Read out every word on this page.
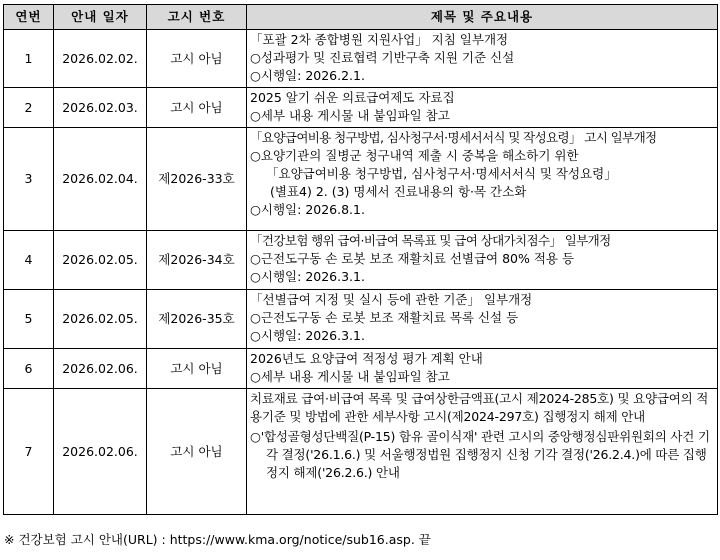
연번	안내 일자	고시 번호	제목 및 주요내용
1	2026.02.02.	고시 아님	「포괄 2차 종합병원 지원사업」 지침 일부개정
○성과평가 및 진료협력 기반구축 지원 기준 신설
○시행일: 2026.2.1.

2	2026.02.03.	고시 아님	2025 알기 쉬운 의료급여제도 자료집
○세부 내용 게시물 내 붙임파일 참고

3	2026.02.04.	제2026-33호	「요양급여비용 청구방법, 심사청구서·명세서서식 및 작성요령」 고시 일부개정
○요양기관의 질병군 청구내역 제출 시 중복을 해소하기 위한
「요양급여비용 청구방법, 심사청구서·명세서서식 및 작성요령」
(별표4) 2. (3) 명세서 진료내용의 항·목 간소화
○시행일: 2026.8.1.

4	2026.02.05.	제2026-34호	「건강보험 행위 급여·비급여 목록표 및 급여 상대가치점수」 일부개정
○근전도구동 손 로봇 보조 재활치료 선별급여 80% 적용 등
○시행일: 2026.3.1.

5	2026.02.05.	제2026-35호	「선별급여 지정 및 실시 등에 관한 기준」 일부개정
○근전도구동 손 로봇 보조 재활치료 목록 신설 등
○시행일: 2026.3.1.

6	2026.02.06.	고시 아님	2026년도 요양급여 적정성 평가 계획 안내
○세부 내용 게시물 내 붙임파일 참고

7	2026.02.06.	고시 아님	치료재료 급여·비급여 목록 및 급여상한금액표(고시 제2024-285호) 및 요양급여의 적용기준 및 방법에 관한 세부사항 고시(제2024-297호) 집행정지 해제 안내
○'합성골형성단백질(P-15) 함유 골이식재' 관련 고시의 중앙행정심판위원회의 사건 기각 결정('26.1.6.) 및 서울행정법원 집행정지 신청 기각 결정('26.2.4.)에 따른 집행정지 해제('26.2.6.) 안내
※ 건강보험 고시 안내(URL) : https://www.kma.org/notice/sub16.asp. 끝
